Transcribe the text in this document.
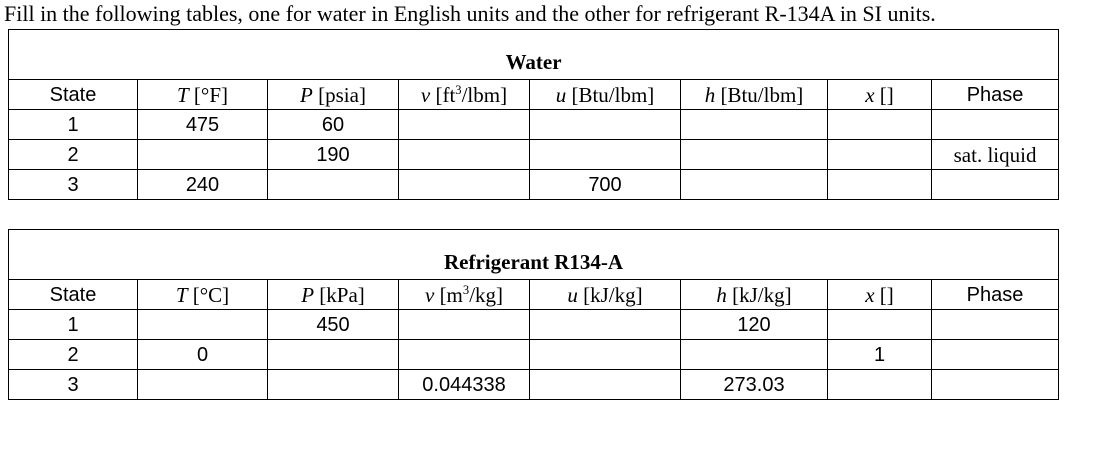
Fill in the following tables, one for water in English units and the other for refrigerant R-134A in SI units.
Water							
State	T [°F]	P [psia]	v $[ft^3/lbm]$	u [Btu/lbm]	h [Btu/lbm]	x []	Phase
1	475	60					
2		190					sat. liquid
3	240			700			
Refrigerant R134-A							
State	T [°C]	P [kPa]	v $[m^3/kg]$	u [kJ/kg]	h [kJ/kg]	x []	Phase
1		450			120		
2	0					1	
3			0.044338		273.03		
